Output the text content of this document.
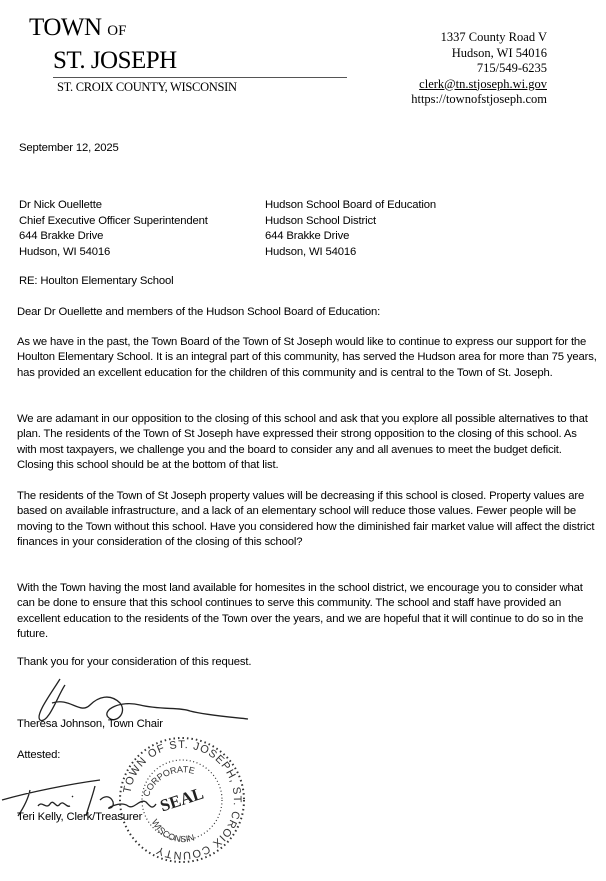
TOWN OF
ST. JOSEPH
ST. CROIX COUNTY, WISCONSIN
1337 County Road V
Hudson, WI 54016
715/549-6235
clerk@tn.stjoseph.wi.gov
https://townofstjoseph.com
September 12, 2025
Dr Nick Ouellette
Chief Executive Officer Superintendent
644 Brakke Drive
Hudson, WI 54016
Hudson School Board of Education
Hudson School District
644 Brakke Drive
Hudson, WI 54016
RE: Houlton Elementary School
Dear Dr Ouellette and members of the Hudson School Board of Education:

As we have in the past, the Town Board of the Town of St Joseph would like to continue to express our support for the Houlton Elementary School. It is an integral part of this community, has served the Hudson area for more than 75 years, has provided an excellent education for the children of this community and is central to the Town of St. Joseph.

We are adamant in our opposition to the closing of this school and ask that you explore all possible alternatives to that plan. The residents of the Town of St Joseph have expressed their strong opposition to the closing of this school. As with most taxpayers, we challenge you and the board to consider any and all avenues to meet the budget deficit. Closing this school should be at the bottom of that list.

The residents of the Town of St Joseph property values will be decreasing if this school is closed. Property values are based on available infrastructure, and a lack of an elementary school will reduce those values. Fewer people will be moving to the Town without this school. Have you considered how the diminished fair market value will affect the district finances in your consideration of the closing of this school?

With the Town having the most land available for homesites in the school district, we encourage you to consider what can be done to ensure that this school continues to serve this community. The school and staff have provided an excellent education to the residents of the Town over the years, and we are hopeful that it will continue to do so in the future.

Thank you for your consideration of this request.
Theresa Johnson, Town Chair
Attested:
Teri Kelly, Clerk/Treasurer
TOWN OF ST. JOSEPH, ST. CROIX COUNTY
CORPORATE
SEAL
WISCONSIN
